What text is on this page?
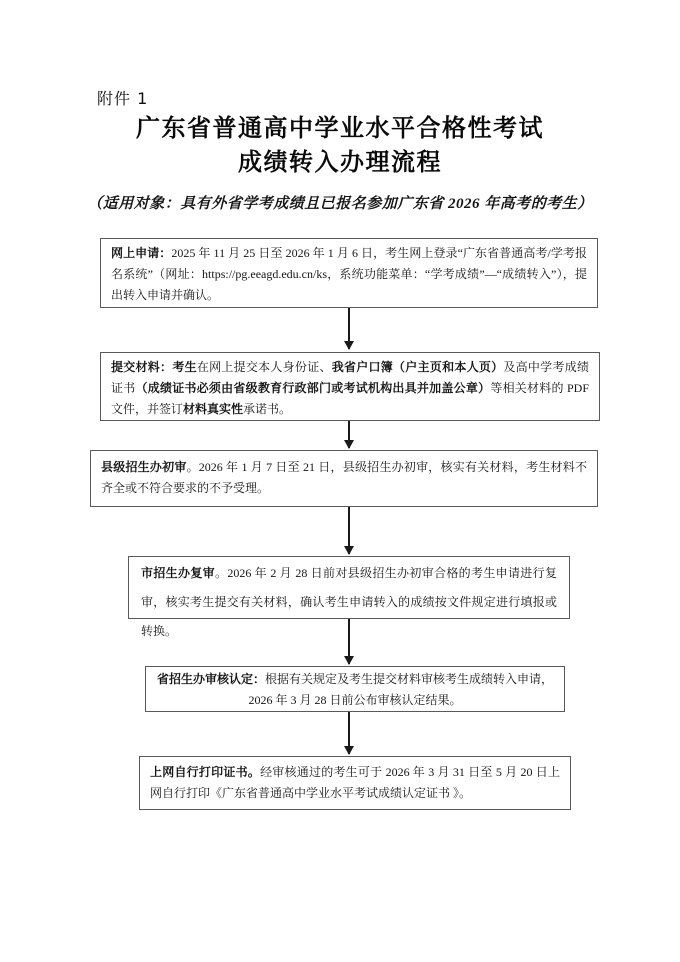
附件 1
广东省普通高中学业水平合格性考试
成绩转入办理流程
（适用对象：具有外省学考成绩且已报名参加广东省 2026 年高考的考生）
网上申请：2025 年 11 月 25 日至 2026 年 1 月 6 日，考生网上登录“广东省普通高考/学考报名系统”（网址：https://pg.eeagd.edu.cn/ks，系统功能菜单：“学考成绩”—“成绩转入”），提出转入申请并确认。
提交材料：考生在网上提交本人身份证、我省户口簿（户主页和本人页）及高中学考成绩证书（成绩证书必须由省级教育行政部门或考试机构出具并加盖公章）等相关材料的 PDF 文件，并签订材料真实性承诺书。
县级招生办初审。2026 年 1 月 7 日至 21 日，县级招生办初审，核实有关材料，考生材料不齐全或不符合要求的不予受理。
市招生办复审。2026 年 2 月 28 日前对县级招生办初审合格的考生申请进行复审，核实考生提交有关材料，确认考生申请转入的成绩按文件规定进行填报或转换。
省招生办审核认定：根据有关规定及考生提交材料审核考生成绩转入申请，2026 年 3 月 28 日前公布审核认定结果。
上网自行打印证书。经审核通过的考生可于 2026 年 3 月 31 日至 5 月 20 日上网自行打印《广东省普通高中学业水平考试成绩认定证书 》。
